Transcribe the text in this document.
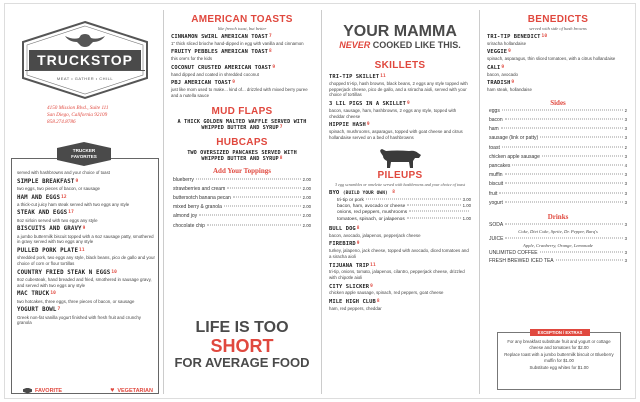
TRUCKSTOP
MEAT • GATHER • CHILL
4150 Mission Blvd., Suite 111
San Diego, California 92109
858.274.8786
TRUCKER
FAVORITES
served with hashbrowns and your choice of toast
SIMPLE BREAKFAST$^9$
two eggs, two pieces of bacon, or sausage
HAM AND EGGS$^{12}$
a thick-cut juicy ham steak served with two eggs any style
STEAK AND EGGS$^{17}$
8oz sirloin served with two eggs any style
BISCUITS AND GRAVY$^9$
a jumbo buttermilk biscuit topped with a 6oz sausage patty, smothered in gravy served with two eggs any style
PULLED PORK PLATE$^{11}$
shredded pork, two eggs any style, black beans, pico de gallo and your choice of corn or flour tortillas
COUNTRY FRIED STEAK N EGGS$^{10}$
8oz cubesteak, hand breaded and fried, smothered in sausage gravy, and served with two eggs any style
MAC TRUCK$^{10}$
two hotcakes, three eggs, three pieces of bacon, or sausage
YOGURT BOWL$^7$
Greek non-fat vanilla yogurt finished with fresh fruit and crunchy granola
FAVORITE	♥ VEGETARIAN
AMERICAN TOASTS
like french toast, but better
CINNAMON SWIRL AMERICAN TOAST$^7$
1" thick sliced brioche hand-dipped in egg with vanilla and cinnamon
FRUITY PEBBLES AMERICAN TOAST$^8$
this one's for the kids
COCONUT CRUSTED AMERICAN TOAST$^9$
hand dipped and coated in shredded coconut
PBJ AMERICAN TOAST$^9$
just like mom used to make... kind of... drizzled with mixed berry puree and a nutella sauce
MUD FLAPS
A THICK GOLDEN MALTED WAFFLE SERVED WITH WHIPPED BUTTER AND SYRUP7
HUBCAPS
TWO OVERSIZED PANCAKES SERVED WITH WHIPPED BUTTER AND SYRUP8
Add Your Toppings
blueberry	2.00
strawberries and cream	2.00
buttersotch banana pecan	2.00
mixed berry & granola	2.00
almond joy	2.00
chocolate chip	2.00
LIFE IS TOO
SHORT
FOR AVERAGE FOOD
YOUR MAMMA
NEVER COOKED LIKE THIS.
SKILLETS
TRI-TIP SKILLET$^{11}$
chopped tri-tip, hash browns, black beans, 2 eggs any style topped with pepperjack cheese, pico de gallo, and a sriracha aioli, served with your choice of tortillas
3 LIL PIGS IN A SKILLET$^9$
bacon, sausage, ham, hashbrowns, 2 eggs any style, topped with cheddar cheese
HIPPIE HASH$^9$
spinach, mushrooms, asparagus, topped with goat cheese and citrus hollandaise served on a bed of hashbrowns
PILEUPS
3 egg scrambles or omelette served with hashbrowns and your choice of toast
BYO (BUILD YOUR OWN) $^8$
tri-tip or pork	3.00
bacon, ham, avocado or cheese	1.00
onions, red peppers, mushrooms
tomatoes, spinach, or jalapenos	1.00
BULL DOG$^8$
bacon, avocado, jalapenos, pepperjack cheese
FIREBIRD$^9$
turkey, jalapeno, jack cheese, topped with avocado, diced tomatoes and a siracha aioli
TIJUANA TRIP$^{11}$
tri-tip, onions, tomato, jalapenos, cilantro, pepperjack cheese, drizzled with chipotle aioli
CITY SLICKER$^9$
chicken apple sausage, spinach, red peppers, goat cheese
MILE HIGH CLUB$^8$
ham, red peppers, cheddar
BENEDICTS
served with side of hash browns
TRI-TIP BENEDICT$^{10}$
sriracha hollandaise
VEGGIE$^9$
spinach, asparagus, thin sliced tomatoes, with a citrus hollandaise
CALI$^9$
bacon, avocado
TRADISH$^9$
ham steak, hollandaise
Sides
eggs	2
bacon	3
ham	3
sausage (link or patty)	3
toast	2
chicken apple sausage	3
pancakes	4
muffin	3
biscuit	3
fruit	3
yogurt	3
Drinks
SODA	3
Coke, Diet Coke, Sprite, Dr. Pepper, Barq's
JUICE	3
Apple, Cranberry, Orange, Lemonade
UNLIMITED COFFEE	3
FRESH BREWED ICED TEA	3
EXCEPTION / EXTRAS
For any breakfast substitute fruit and yogurt or cottage cheese and tomatoes for $2.00
Replace toast with a jumbo buttermilk biscuit or Blueberry muffin for $1.00
Substitute egg whites for $1.00
